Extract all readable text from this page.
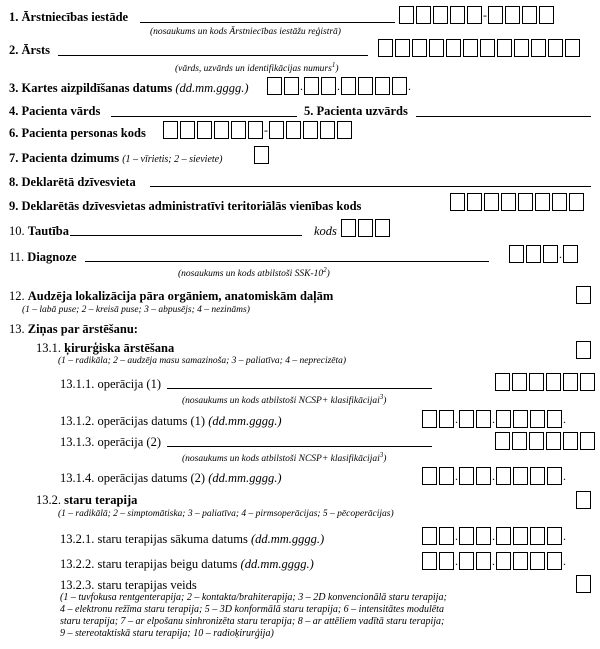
1. Ārstniecības iestāde	-
(nosaukums un kods Ārstniecības iestāžu reģistrā)
2. Ārsts
(vārds, uzvārds un identifikācijas numurs$^1$)
3. Kartes aizpildīšanas datums (dd.mm.gggg.)	.	.	.
4. Pacienta vārds	5. Pacienta uzvārds
6. Pacienta personas kods	-
7. Pacienta dzimums (1 – vīrietis; 2 – sieviete)
8. Deklarētā dzīvesvieta
9. Deklarētās dzīvesvietas administratīvi teritoriālās vienības kods
10. Tautība	kods
11. Diagnoze	.
(nosaukums un kods atbilstoši SSK-$10^2$)
12. Audzēja lokalizācija pāra orgāniem, anatomiskām daļām
(1 – labā puse; 2 – kreisā puse; 3 – abpusējs; 4 – nezināms)
13. Ziņas par ārstēšanu:
13.1. ķirurģiska ārstēšana
(1 – radikāla; 2 – audzēja masu samazinoša; 3 – paliatīva; 4 – neprecizēta)
13.1.1. operācija (1)
(nosaukums un kods atbilstoši NCSP+ klasifikācijai$^3$)
13.1.2. operācijas datums (1) (dd.mm.gggg.)	.	.	.
13.1.3. operācija (2)
(nosaukums un kods atbilstoši NCSP+ klasifikācijai$^3$)
13.1.4. operācijas datums (2) (dd.mm.gggg.)	.	.	.
13.2. staru terapija
(1 – radikālā; 2 – simptomātiska; 3 – paliatīva; 4 – pirmsoperācijas; 5 – pēcoperācijas)
13.2.1. staru terapijas sākuma datums (dd.mm.gggg.)	.	.	.
13.2.2. staru terapijas beigu datums (dd.mm.gggg.)	.	.	.
13.2.3. staru terapijas veids
(1 – tuvfokusa rentgenterapija; 2 – kontakta/brahiterapija; 3 – 2D konvencionālā staru terapija;
4 – elektronu režīma staru terapija; 5 – 3D konformālā staru terapija; 6 – intensitātes modulēta
staru terapija; 7 – ar elpošanu sinhronizēta staru terapija; 8 – ar attēliem vadītā staru terapija;
9 – stereotaktiskā staru terapija; 10 – radioķirurģija)
